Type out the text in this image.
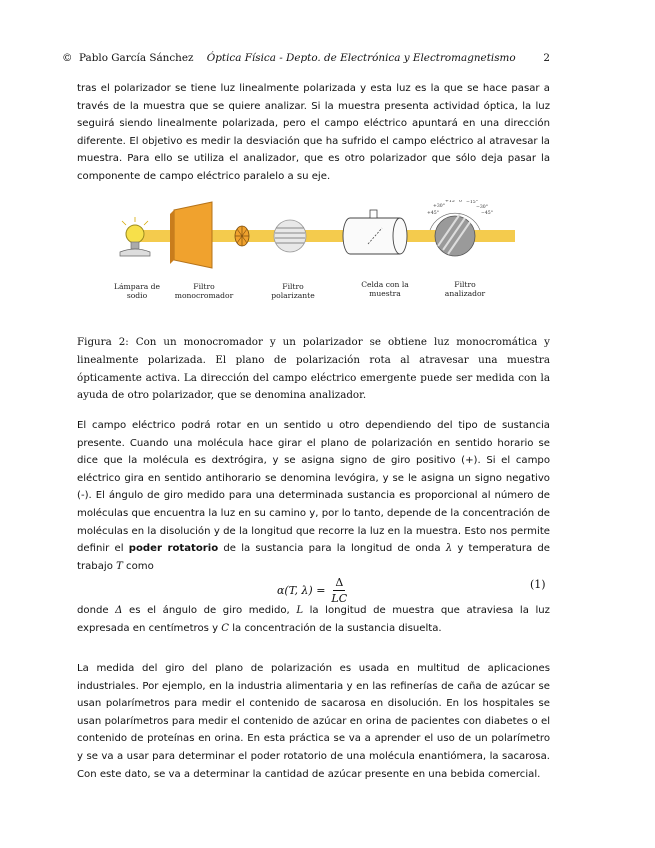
© Pablo García Sánchez Óptica Física - Depto. de Electrónica y Electromagnetismo	2

tras el polarizador se tiene luz linealmente polarizada y esta luz es la que se hace pasar a través de la muestra que se quiere analizar. Si la muestra presenta actividad óptica, la luz seguirá siendo linealmente polarizada, pero el campo eléctrico apuntará en una dirección diferente. El objetivo es medir la desviación que ha sufrido el campo eléctrico al atravesar la muestra. Para ello se utiliza el analizador, que es otro polarizador que sólo deja pasar la componente de campo eléctrico paralelo a su eje.

+15° 0 −15°
+30°	−30°
+45°	−45°
Lámpara de sodio
Filtro monocromador
Filtro polarizante
Celda con la muestra
Filtro analizador

Figura 2: Con un monocromador y un polarizador se obtiene luz monocromática y linealmente polarizada. El plano de polarización rota al atravesar una muestra ópticamente activa. La dirección del campo eléctrico emergente puede ser medida con la ayuda de otro polarizador, que se denomina analizador.

El campo eléctrico podrá rotar en un sentido u otro dependiendo del tipo de sustancia presente. Cuando una molécula hace girar el plano de polarización en sentido horario se dice que la molécula es dextrógira, y se asigna signo de giro positivo (+). Si el campo eléctrico gira en sentido antihorario se denomina levógira, y se le asigna un signo negativo (-). El ángulo de giro medido para una determinada sustancia es proporcional al número de moléculas que encuentra la luz en su camino y, por lo tanto, depende de la concentración de moléculas en la disolución y de la longitud que recorre la luz en la muestra. Esto nos permite definir el poder rotatorio de la sustancia para la longitud de onda λ y temperatura de trabajo T como

α(T, $\lambda) = \frac{\Delta}{LC}$	(1)

donde Δ es el ángulo de giro medido, L la longitud de muestra que atraviesa la luz expresada en centímetros y C la concentración de la sustancia disuelta.

La medida del giro del plano de polarización es usada en multitud de aplicaciones industriales. Por ejemplo, en la industria alimentaria y en las refinerías de caña de azúcar se usan polarímetros para medir el contenido de sacarosa en disolución. En los hospitales se usan polarímetros para medir el contenido de azúcar en orina de pacientes con diabetes o el contenido de proteínas en orina. En esta práctica se va a aprender el uso de un polarímetro y se va a usar para determinar el poder rotatorio de una molécula enantiómera, la sacarosa. Con este dato, se va a determinar la cantidad de azúcar presente en una bebida comercial.
